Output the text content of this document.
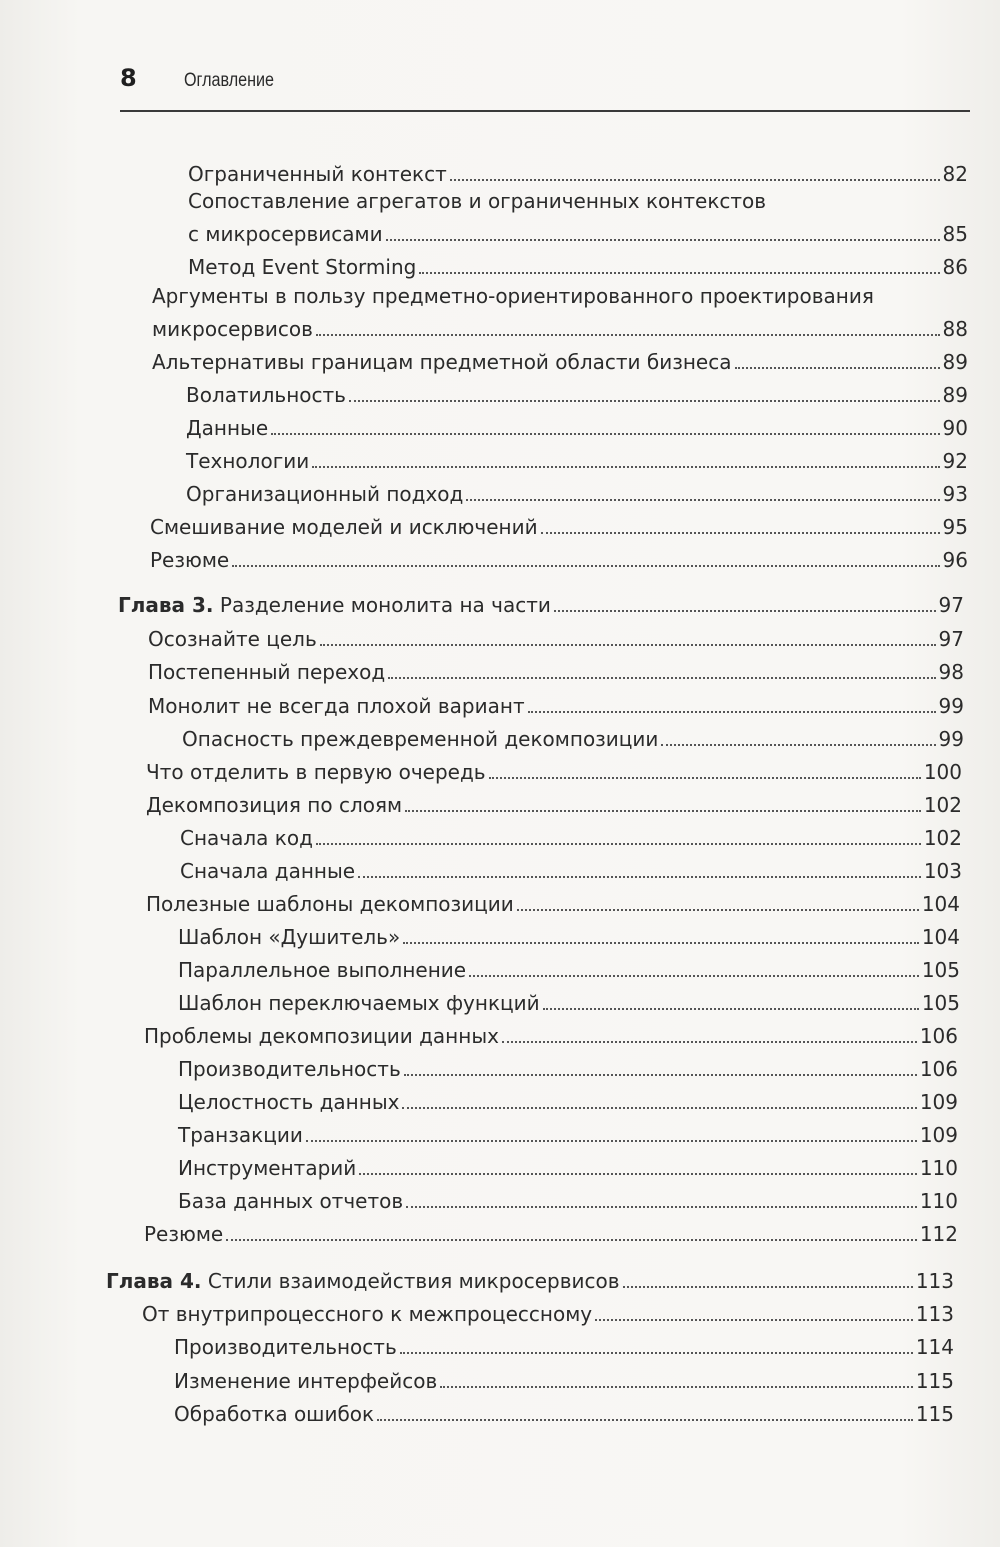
8 Оглавление
Ограниченный контекст	82
Сопоставление агрегатов и ограниченных контекстов
с микросервисами	85
Метод Event Storming	86
Аргументы в пользу предметно-ориентированного проектирования
микросервисов	88
Альтернативы границам предметной области бизнеса	89
Волатильность	89
Данные	90
Технологии	92
Организационный подход	93
Смешивание моделей и исключений	95
Резюме	96
Глава 3. Разделение монолита на части	97
Осознайте цель	97
Постепенный переход	98
Монолит не всегда плохой вариант	99
Опасность преждевременной декомпозиции	99
Что отделить в первую очередь	100
Декомпозиция по слоям	102
Сначала код	102
Сначала данные	103
Полезные шаблоны декомпозиции	104
Шаблон «Душитель»	104
Параллельное выполнение	105
Шаблон переключаемых функций	105
Проблемы декомпозиции данных	106
Производительность	106
Целостность данных	109
Транзакции	109
Инструментарий	110
База данных отчетов	110
Резюме	112
Глава 4. Стили взаимодействия микросервисов	113
От внутрипроцессного к межпроцессному	113
Производительность	114
Изменение интерфейсов	115
Обработка ошибок	115
